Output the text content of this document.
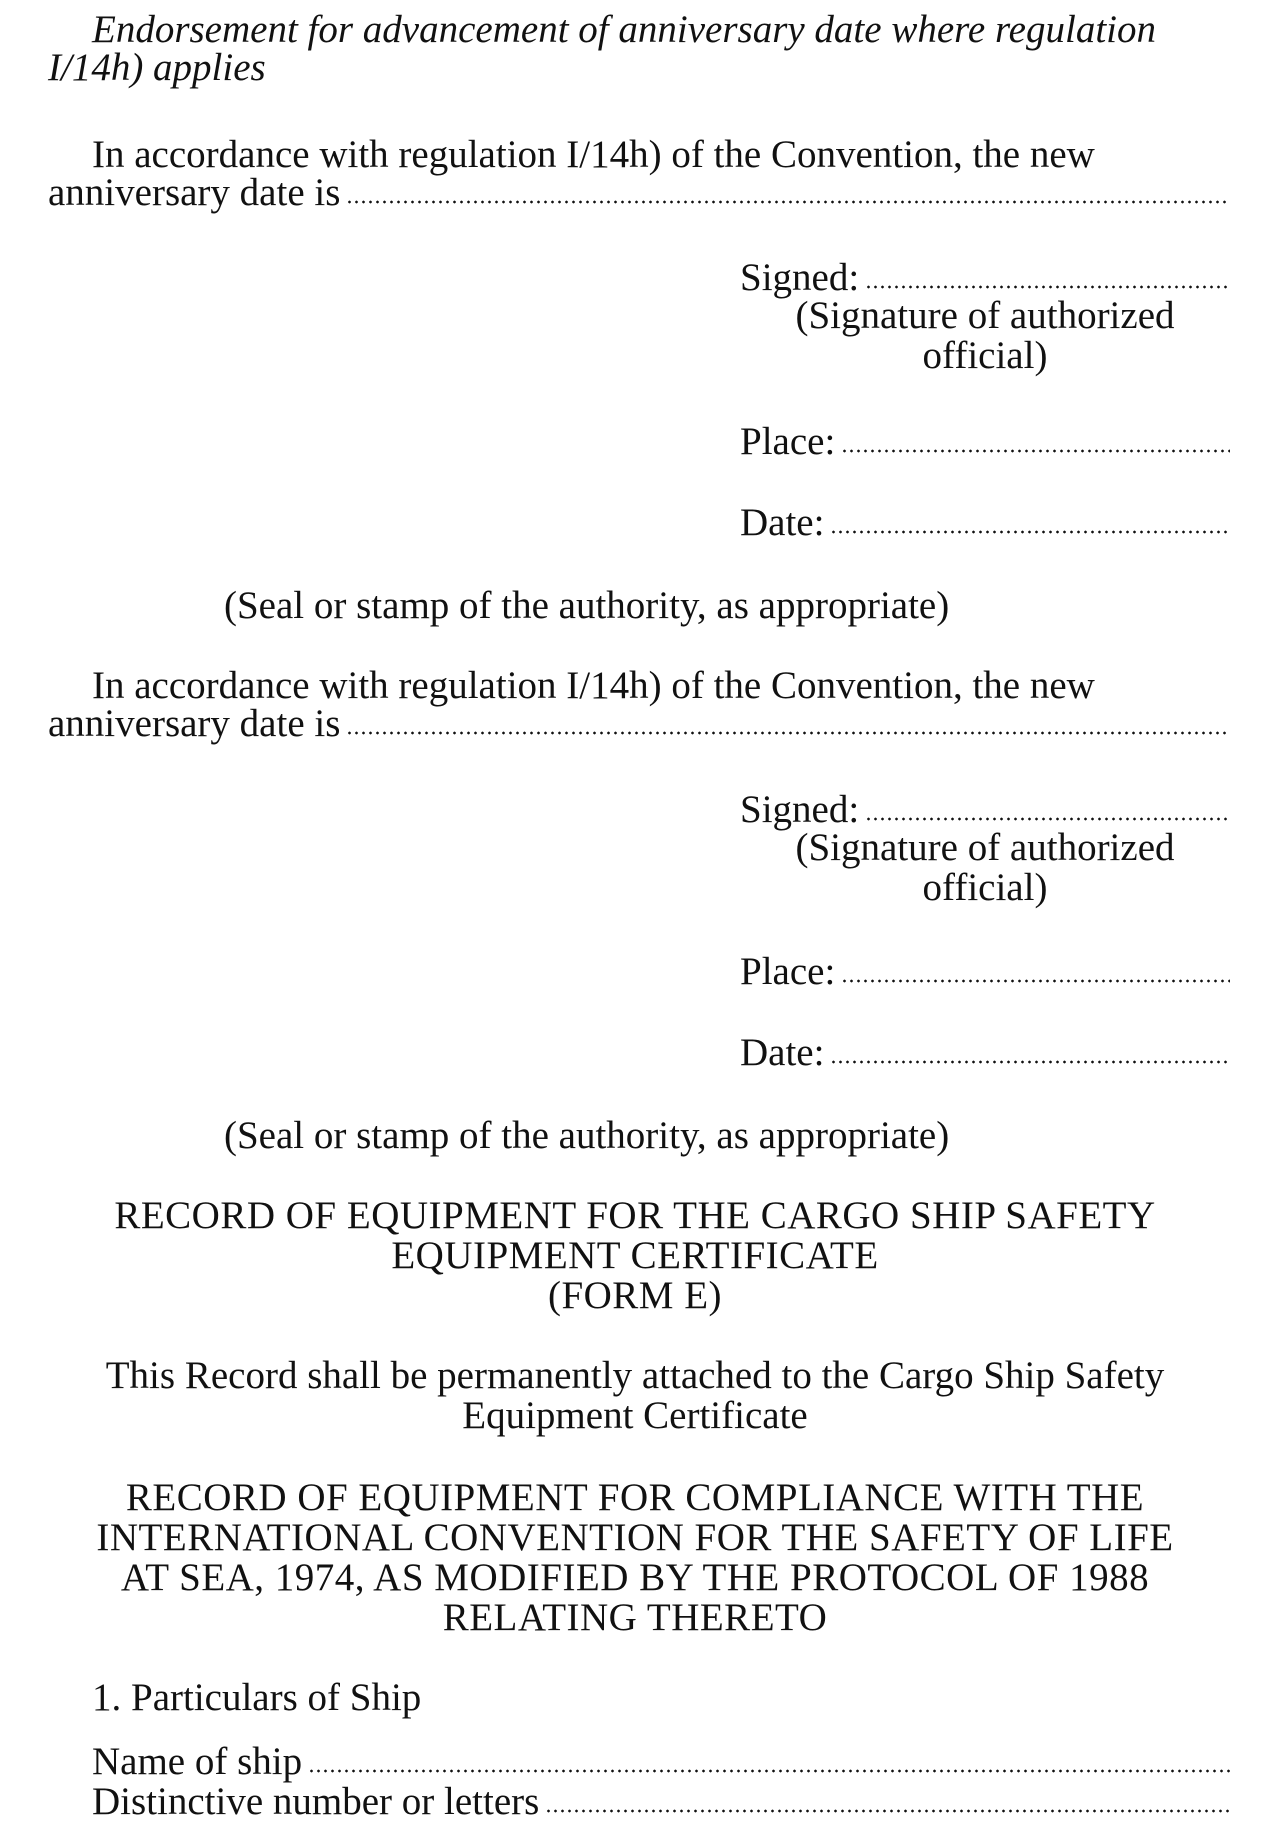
Endorsement for advancement of anniversary date where regulation
I/14h) applies
In accordance with regulation I/14h) of the Convention, the new
anniversary date is
Signed:
(Signature of authorized
official)
Place:
Date:
(Seal or stamp of the authority, as appropriate)
In accordance with regulation I/14h) of the Convention, the new
anniversary date is
Signed:
(Signature of authorized
official)
Place:
Date:
(Seal or stamp of the authority, as appropriate)
RECORD OF EQUIPMENT FOR THE CARGO SHIP SAFETY
EQUIPMENT CERTIFICATE
(FORM E)
This Record shall be permanently attached to the Cargo Ship Safety
Equipment Certificate
RECORD OF EQUIPMENT FOR COMPLIANCE WITH THE
INTERNATIONAL CONVENTION FOR THE SAFETY OF LIFE
AT SEA, 1974, AS MODIFIED BY THE PROTOCOL OF 1988
RELATING THERETO
1. Particulars of Ship
Name of ship
Distinctive number or letters
